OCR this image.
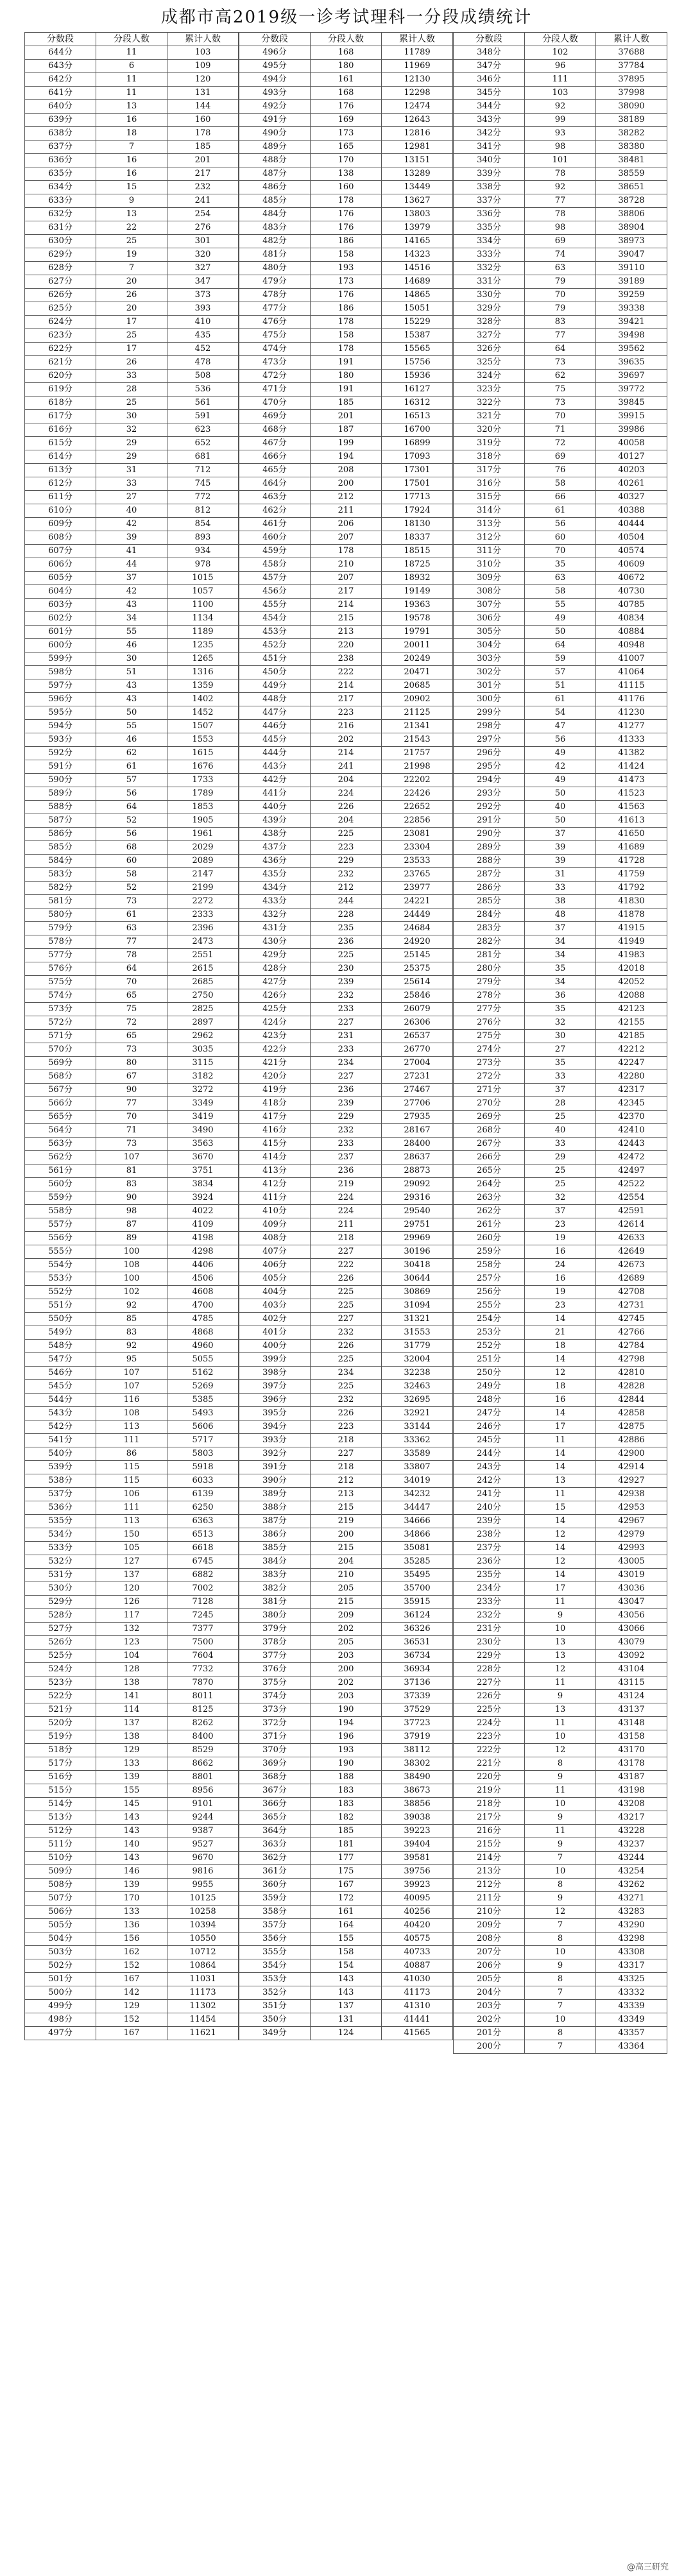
成都市高2019级一诊考试理科一分段成绩统计
分数段	分段人数	累计人数
644分	11	103
643分	6	109
642分	11	120
641分	11	131
640分	13	144
639分	16	160
638分	18	178
637分	7	185
636分	16	201
635分	16	217
634分	15	232
633分	9	241
632分	13	254
631分	22	276
630分	25	301
629分	19	320
628分	7	327
627分	20	347
626分	26	373
625分	20	393
624分	17	410
623分	25	435
622分	17	452
621分	26	478
620分	33	508
619分	28	536
618分	25	561
617分	30	591
616分	32	623
615分	29	652
614分	29	681
613分	31	712
612分	33	745
611分	27	772
610分	40	812
609分	42	854
608分	39	893
607分	41	934
606分	44	978
605分	37	1015
604分	42	1057
603分	43	1100
602分	34	1134
601分	55	1189
600分	46	1235
599分	30	1265
598分	51	1316
597分	43	1359
596分	43	1402
595分	50	1452
594分	55	1507
593分	46	1553
592分	62	1615
591分	61	1676
590分	57	1733
589分	56	1789
588分	64	1853
587分	52	1905
586分	56	1961
585分	68	2029
584分	60	2089
583分	58	2147
582分	52	2199
581分	73	2272
580分	61	2333
579分	63	2396
578分	77	2473
577分	78	2551
576分	64	2615
575分	70	2685
574分	65	2750
573分	75	2825
572分	72	2897
571分	65	2962
570分	73	3035
569分	80	3115
568分	67	3182
567分	90	3272
566分	77	3349
565分	70	3419
564分	71	3490
563分	73	3563
562分	107	3670
561分	81	3751
560分	83	3834
559分	90	3924
558分	98	4022
557分	87	4109
556分	89	4198
555分	100	4298
554分	108	4406
553分	100	4506
552分	102	4608
551分	92	4700
550分	85	4785
549分	83	4868
548分	92	4960
547分	95	5055
546分	107	5162
545分	107	5269
544分	116	5385
543分	108	5493
542分	113	5606
541分	111	5717
540分	86	5803
539分	115	5918
538分	115	6033
537分	106	6139
536分	111	6250
535分	113	6363
534分	150	6513
533分	105	6618
532分	127	6745
531分	137	6882
530分	120	7002
529分	126	7128
528分	117	7245
527分	132	7377
526分	123	7500
525分	104	7604
524分	128	7732
523分	138	7870
522分	141	8011
521分	114	8125
520分	137	8262
519分	138	8400
518分	129	8529
517分	133	8662
516分	139	8801
515分	155	8956
514分	145	9101
513分	143	9244
512分	143	9387
511分	140	9527
510分	143	9670
509分	146	9816
508分	139	9955
507分	170	10125
506分	133	10258
505分	136	10394
504分	156	10550
503分	162	10712
502分	152	10864
501分	167	11031
500分	142	11173
499分	129	11302
498分	152	11454
497分	167	11621
分数段	分段人数	累计人数
496分	168	11789
495分	180	11969
494分	161	12130
493分	168	12298
492分	176	12474
491分	169	12643
490分	173	12816
489分	165	12981
488分	170	13151
487分	138	13289
486分	160	13449
485分	178	13627
484分	176	13803
483分	176	13979
482分	186	14165
481分	158	14323
480分	193	14516
479分	173	14689
478分	176	14865
477分	186	15051
476分	178	15229
475分	158	15387
474分	178	15565
473分	191	15756
472分	180	15936
471分	191	16127
470分	185	16312
469分	201	16513
468分	187	16700
467分	199	16899
466分	194	17093
465分	208	17301
464分	200	17501
463分	212	17713
462分	211	17924
461分	206	18130
460分	207	18337
459分	178	18515
458分	210	18725
457分	207	18932
456分	217	19149
455分	214	19363
454分	215	19578
453分	213	19791
452分	220	20011
451分	238	20249
450分	222	20471
449分	214	20685
448分	217	20902
447分	223	21125
446分	216	21341
445分	202	21543
444分	214	21757
443分	241	21998
442分	204	22202
441分	224	22426
440分	226	22652
439分	204	22856
438分	225	23081
437分	223	23304
436分	229	23533
435分	232	23765
434分	212	23977
433分	244	24221
432分	228	24449
431分	235	24684
430分	236	24920
429分	225	25145
428分	230	25375
427分	239	25614
426分	232	25846
425分	233	26079
424分	227	26306
423分	231	26537
422分	233	26770
421分	234	27004
420分	227	27231
419分	236	27467
418分	239	27706
417分	229	27935
416分	232	28167
415分	233	28400
414分	237	28637
413分	236	28873
412分	219	29092
411分	224	29316
410分	224	29540
409分	211	29751
408分	218	29969
407分	227	30196
406分	222	30418
405分	226	30644
404分	225	30869
403分	225	31094
402分	227	31321
401分	232	31553
400分	226	31779
399分	225	32004
398分	234	32238
397分	225	32463
396分	232	32695
395分	226	32921
394分	223	33144
393分	218	33362
392分	227	33589
391分	218	33807
390分	212	34019
389分	213	34232
388分	215	34447
387分	219	34666
386分	200	34866
385分	215	35081
384分	204	35285
383分	210	35495
382分	205	35700
381分	215	35915
380分	209	36124
379分	202	36326
378分	205	36531
377分	203	36734
376分	200	36934
375分	202	37136
374分	203	37339
373分	190	37529
372分	194	37723
371分	196	37919
370分	193	38112
369分	190	38302
368分	188	38490
367分	183	38673
366分	183	38856
365分	182	39038
364分	185	39223
363分	181	39404
362分	177	39581
361分	175	39756
360分	167	39923
359分	172	40095
358分	161	40256
357分	164	40420
356分	155	40575
355分	158	40733
354分	154	40887
353分	143	41030
352分	143	41173
351分	137	41310
350分	131	41441
349分	124	41565
分数段	分段人数	累计人数
348分	102	37688
347分	96	37784
346分	111	37895
345分	103	37998
344分	92	38090
343分	99	38189
342分	93	38282
341分	98	38380
340分	101	38481
339分	78	38559
338分	92	38651
337分	77	38728
336分	78	38806
335分	98	38904
334分	69	38973
333分	74	39047
332分	63	39110
331分	79	39189
330分	70	39259
329分	79	39338
328分	83	39421
327分	77	39498
326分	64	39562
325分	73	39635
324分	62	39697
323分	75	39772
322分	73	39845
321分	70	39915
320分	71	39986
319分	72	40058
318分	69	40127
317分	76	40203
316分	58	40261
315分	66	40327
314分	61	40388
313分	56	40444
312分	60	40504
311分	70	40574
310分	35	40609
309分	63	40672
308分	58	40730
307分	55	40785
306分	49	40834
305分	50	40884
304分	64	40948
303分	59	41007
302分	57	41064
301分	51	41115
300分	61	41176
299分	54	41230
298分	47	41277
297分	56	41333
296分	49	41382
295分	42	41424
294分	49	41473
293分	50	41523
292分	40	41563
291分	50	41613
290分	37	41650
289分	39	41689
288分	39	41728
287分	31	41759
286分	33	41792
285分	38	41830
284分	48	41878
283分	37	41915
282分	34	41949
281分	34	41983
280分	35	42018
279分	34	42052
278分	36	42088
277分	35	42123
276分	32	42155
275分	30	42185
274分	27	42212
273分	35	42247
272分	33	42280
271分	37	42317
270分	28	42345
269分	25	42370
268分	40	42410
267分	33	42443
266分	29	42472
265分	25	42497
264分	25	42522
263分	32	42554
262分	37	42591
261分	23	42614
260分	19	42633
259分	16	42649
258分	24	42673
257分	16	42689
256分	19	42708
255分	23	42731
254分	14	42745
253分	21	42766
252分	18	42784
251分	14	42798
250分	12	42810
249分	18	42828
248分	16	42844
247分	14	42858
246分	17	42875
245分	11	42886
244分	14	42900
243分	14	42914
242分	13	42927
241分	11	42938
240分	15	42953
239分	14	42967
238分	12	42979
237分	14	42993
236分	12	43005
235分	14	43019
234分	17	43036
233分	11	43047
232分	9	43056
231分	10	43066
230分	13	43079
229分	13	43092
228分	12	43104
227分	11	43115
226分	9	43124
225分	13	43137
224分	11	43148
223分	10	43158
222分	12	43170
221分	8	43178
220分	9	43187
219分	11	43198
218分	10	43208
217分	9	43217
216分	11	43228
215分	9	43237
214分	7	43244
213分	10	43254
212分	8	43262
211分	9	43271
210分	12	43283
209分	7	43290
208分	8	43298
207分	10	43308
206分	9	43317
205分	8	43325
204分	7	43332
203分	7	43339
202分	10	43349
201分	8	43357
200分	7	43364
@高三研究
